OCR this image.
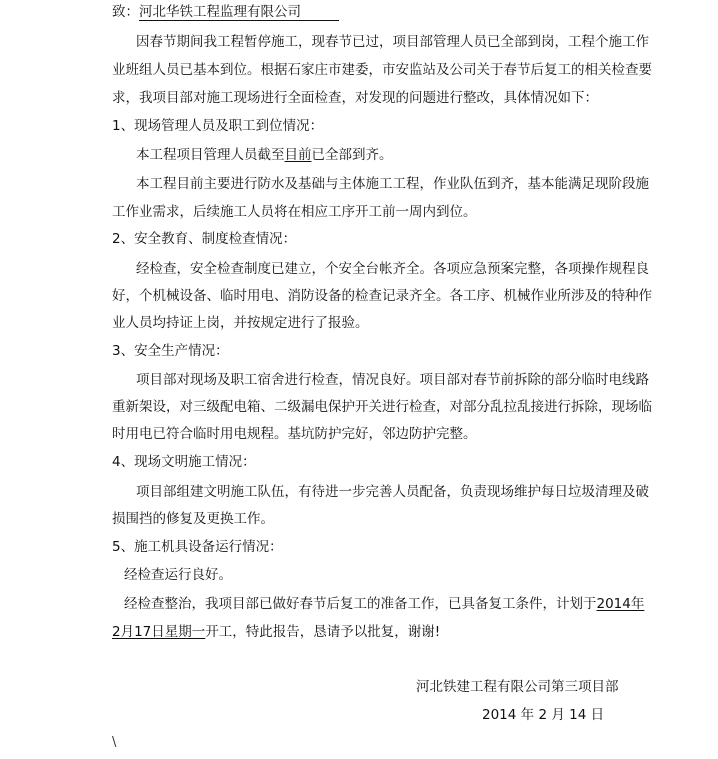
致：河北华铁工程监理有限公司
因春节期间我工程暂停施工，现春节已过，项目部管理人员已全部到岗，工程个施工作
业班组人员已基本到位。根据石家庄市建委，市安监站及公司关于春节后复工的相关检查要
求，我项目部对施工现场进行全面检查，对发现的问题进行整改，具体情况如下：
1、现场管理人员及职工到位情况：
本工程项目管理人员截至目前已全部到齐。
本工程目前主要进行防水及基础与主体施工工程，作业队伍到齐，基本能满足现阶段施
工作业需求，后续施工人员将在相应工序开工前一周内到位。
2、安全教育、制度检查情况：
经检查，安全检查制度已建立，个安全台帐齐全。各项应急预案完整，各项操作规程良
好，个机械设备、临时用电、消防设备的检查记录齐全。各工序、机械作业所涉及的特种作
业人员均持证上岗，并按规定进行了报验。
3、安全生产情况：
项目部对现场及职工宿舍进行检查，情况良好。项目部对春节前拆除的部分临时电线路
重新架设，对三级配电箱、二级漏电保护开关进行检查，对部分乱拉乱接进行拆除，现场临
时用电已符合临时用电规程。基坑防护完好，邻边防护完整。
4、现场文明施工情况：
项目部组建文明施工队伍，有待进一步完善人员配备，负责现场维护每日垃圾清理及破
损围挡的修复及更换工作。
5、施工机具设备运行情况：
经检查运行良好。
经检查整治，我项目部已做好春节后复工的准备工作，已具备复工条件，计划于2014年
2月17日星期一开工，特此报告，恳请予以批复，谢谢!
河北铁建工程有限公司第三项目部
2014 年 2 月 14 日
\
